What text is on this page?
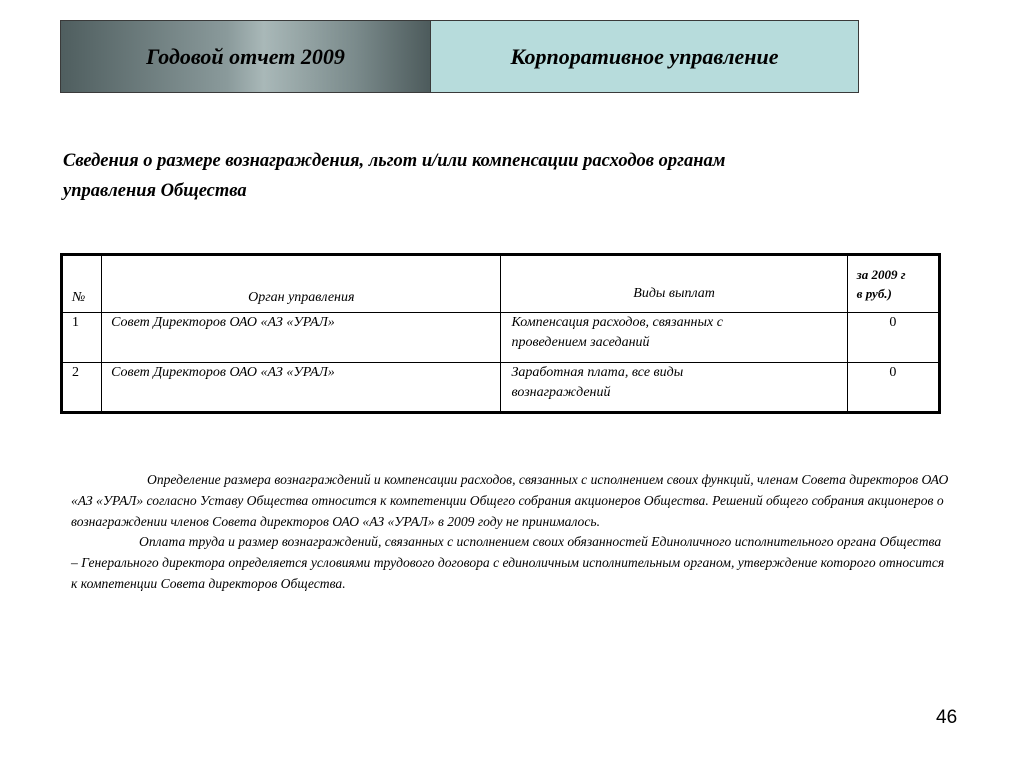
Годовой отчет 2009	Корпоративное управление
Сведения о размере вознаграждения, льгот и/или компенсации расходов органам
управления Общества
№	Орган управления	Виды выплат	за 2009 г
в руб.)

1	Совет Директоров ОАО «АЗ «УРАЛ»	Компенсация расходов, связанных с
проведением заседаний	0
2	Совет Директоров ОАО «АЗ «УРАЛ»	Заработная плата, все виды
вознаграждений	0

Определение размера вознаграждений и компенсации расходов, связанных с исполнением своих функций, членам Совета директоров ОАО «АЗ «УРАЛ» согласно Уставу Общества относится к компетенции Общего собрания акционеров Общества. Решений общего собрания акционеров о вознаграждении членов Совета директоров ОАО «АЗ «УРАЛ» в 2009 году не принималось.

Оплата труда и размер вознаграждений, связанных с исполнением своих обязанностей Единоличного исполнительного органа Общества – Генерального директора определяется условиями трудового договора с единоличным исполнительным органом, утверждение которого относится к компетенции Совета директоров Общества.

46
